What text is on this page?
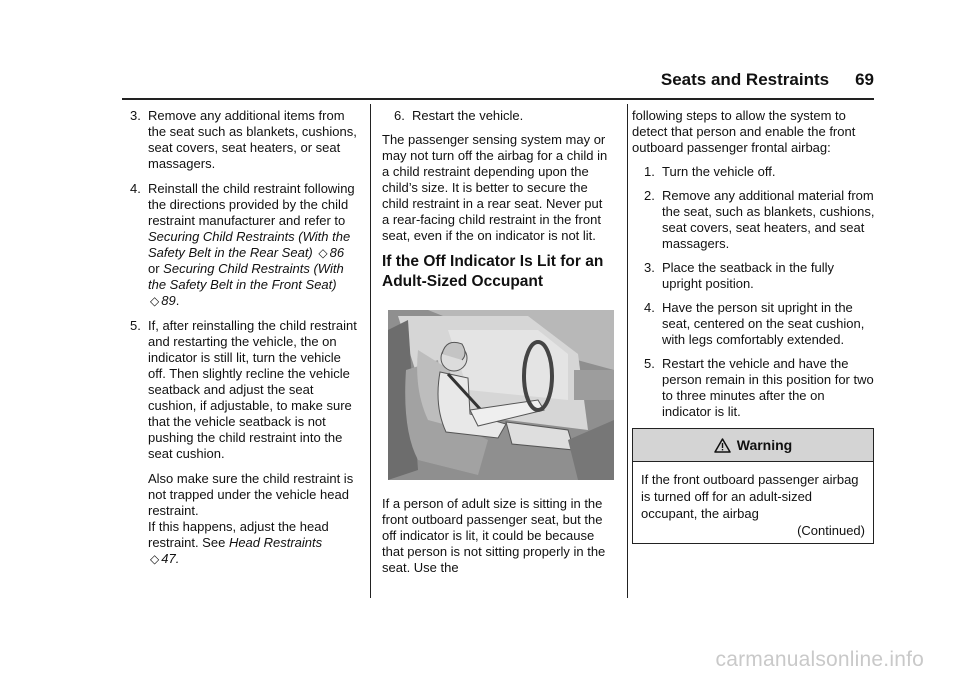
Seats and Restraints 69
3. Remove any additional items from the seat such as blankets, cushions, seat covers, seat heaters, or seat massagers.
4. Reinstall the child restraint following the directions provided by the child restraint manufacturer and refer to Securing Child Restraints (With the Safety Belt in the Rear Seat) ◇ 86 or Securing Child Restraints (With the Safety Belt in the Front Seat) ◇ 89.
5. If, after reinstalling the child restraint and restarting the vehicle, the on indicator is still lit, turn the vehicle off. Then slightly recline the vehicle seatback and adjust the seat cushion, if adjustable, to make sure that the vehicle seatback is not pushing the child restraint into the seat cushion.
Also make sure the child restraint is not trapped under the vehicle head restraint.
If this happens, adjust the head restraint. See Head Restraints
◇ 47.
6. Restart the vehicle.

The passenger sensing system may or may not turn off the airbag for a child in a child restraint depending upon the child’s size. It is better to secure the child restraint in a rear seat. Never put a rear-facing child restraint in the front seat, even if the on indicator is not lit.

If the Off Indicator Is Lit for an Adult-Sized Occupant

If a person of adult size is sitting in the front outboard passenger seat, but the off indicator is lit, it could be because that person is not sitting properly in the seat. Use the

following steps to allow the system to detect that person and enable the front outboard passenger frontal airbag:

1. Turn the vehicle off.
2. Remove any additional material from the seat, such as blankets, cushions, seat covers, seat heaters, and seat massagers.
3. Place the seatback in the fully upright position.
4. Have the person sit upright in the seat, centered on the seat cushion, with legs comfortably extended.
5. Restart the vehicle and have the person remain in this position for two to three minutes after the on indicator is lit.
Warning
If the front outboard passenger airbag is turned off for an adult-sized occupant, the airbag
(Continued)
carmanualsonline.info
